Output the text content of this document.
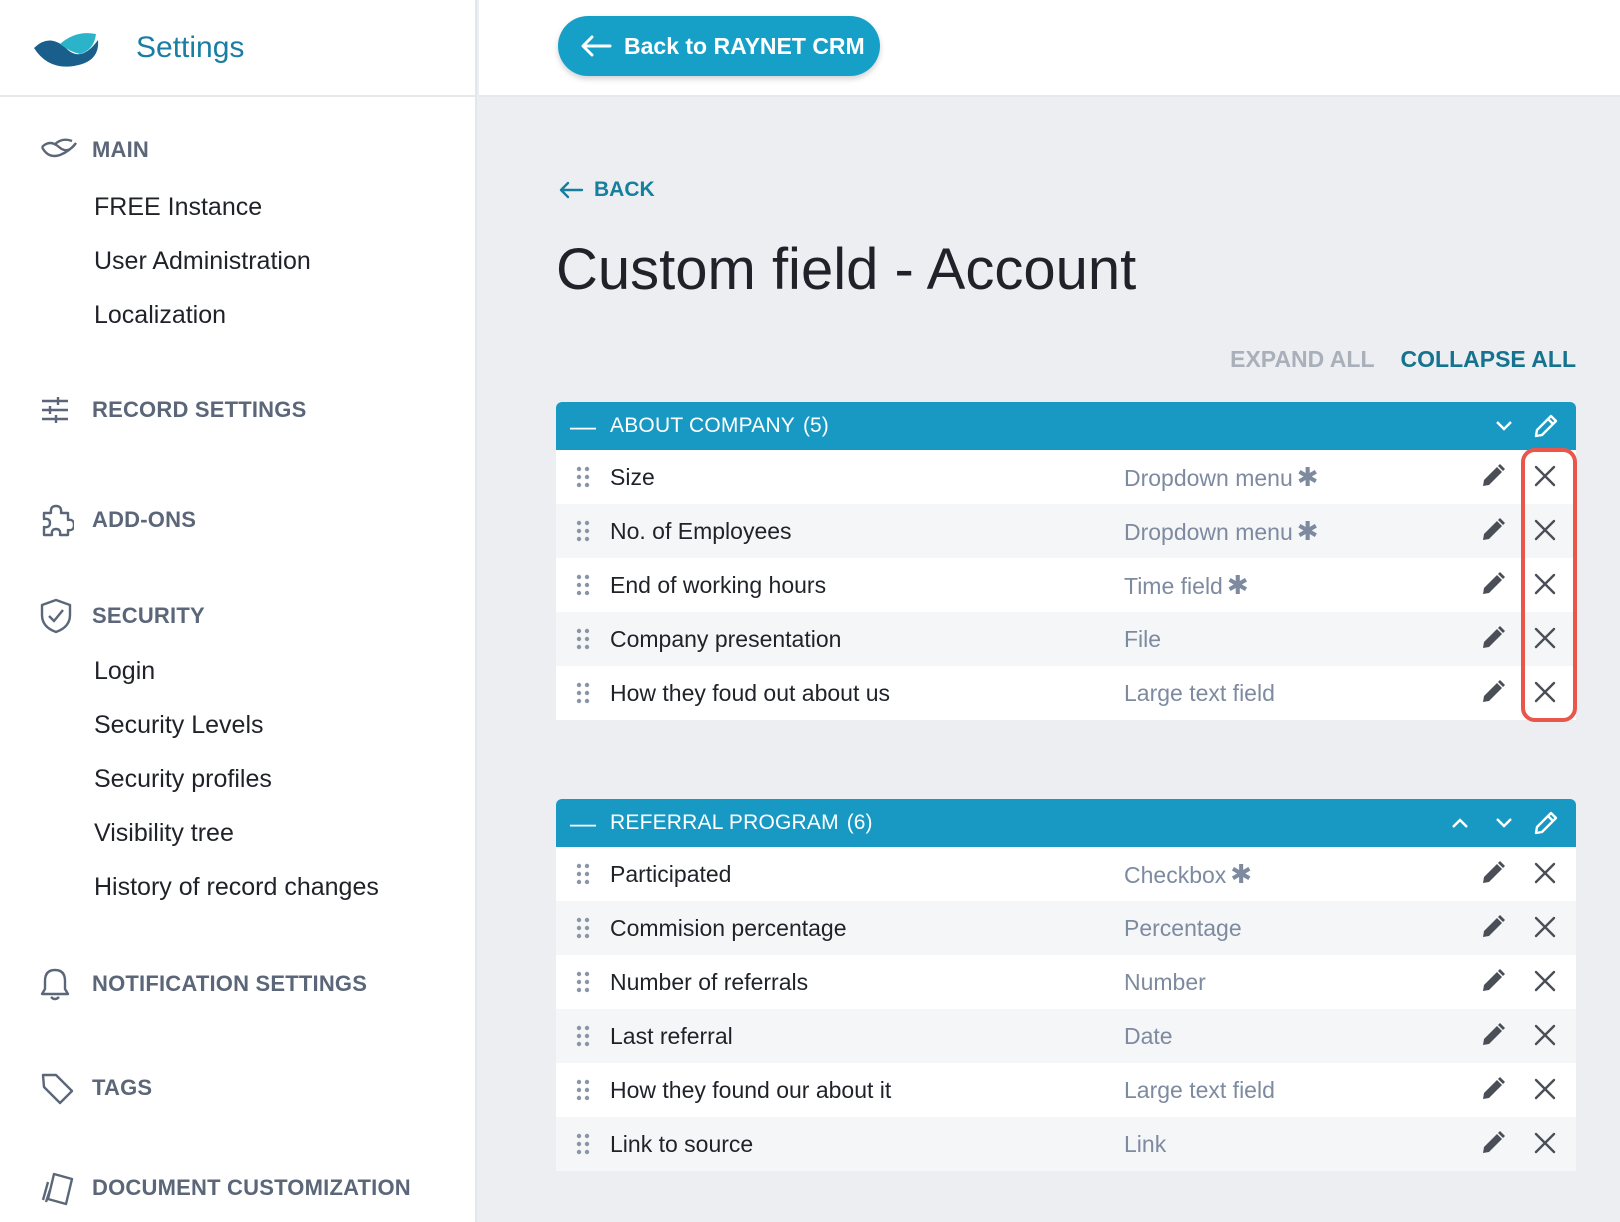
Settings
MAIN
FREE Instance
User Administration
Localization
RECORD SETTINGS
ADD-ONS
SECURITY
Login
Security Levels
Security profiles
Visibility tree
History of record changes
NOTIFICATION SETTINGS
TAGS
DOCUMENT CUSTOMIZATION
Back to RAYNET CRM
BACK
Custom field - Account
EXPAND ALL COLLAPSE ALL
— ABOUT COMPANY (5)
Size	Dropdown menu ✱
No. of Employees	Dropdown menu ✱
End of working hours	Time field ✱
Company presentation	File
How they foud out about us	Large text field
— REFERRAL PROGRAM (6)
Participated	Checkbox ✱
Commision percentage	Percentage
Number of referrals	Number
Last referral	Date
How they found our about it	Large text field
Link to source	Link
